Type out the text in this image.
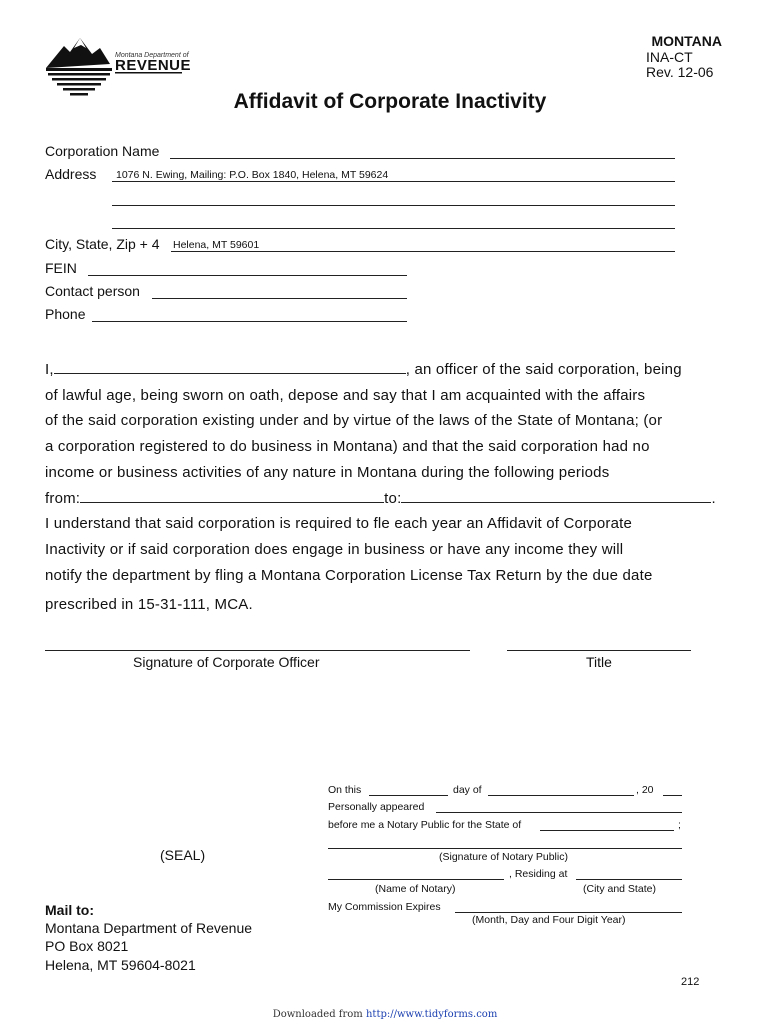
Montana Department of
REVENUE
MONTANA
INA-CT
Rev. 12-06
Affidavit of Corporate Inactivity
Corporation Name
Address 1076 N. Ewing, Mailing: P.O. Box 1840, Helena, MT 59624
City, State, Zip + 4 Helena, MT 59601
FEIN
Contact person
Phone
I,	, an officer of the said corporation, being
of lawful age, being sworn on oath, depose and say that I am acquainted with the affairs
of the said corporation existing under and by virtue of the laws of the State of Montana; (or
a corporation registered to do business in Montana) and that the said corporation had no
income or business activities of any nature in Montana during the following periods
from:	to:	.
I understand that said corporation is required to fle each year an Affidavit of Corporate
Inactivity or if said corporation does engage in business or have any income they will
notify the department by fling a Montana Corporation License Tax Return by the due date
prescribed in 15-31-111, MCA.
Signature of Corporate Officer	Title
On this	day of	, 20
Personally appeared
before me a Notary Public for the State of	;
(Signature of Notary Public)
, Residing at
(Name of Notary)	(City and State)
My Commission Expires
(Month, Day and Four Digit Year)
(SEAL)
Mail to:
Montana Department of Revenue
PO Box 8021
Helena, MT 59604-8021
212
Downloaded from http://www.tidyforms.com
